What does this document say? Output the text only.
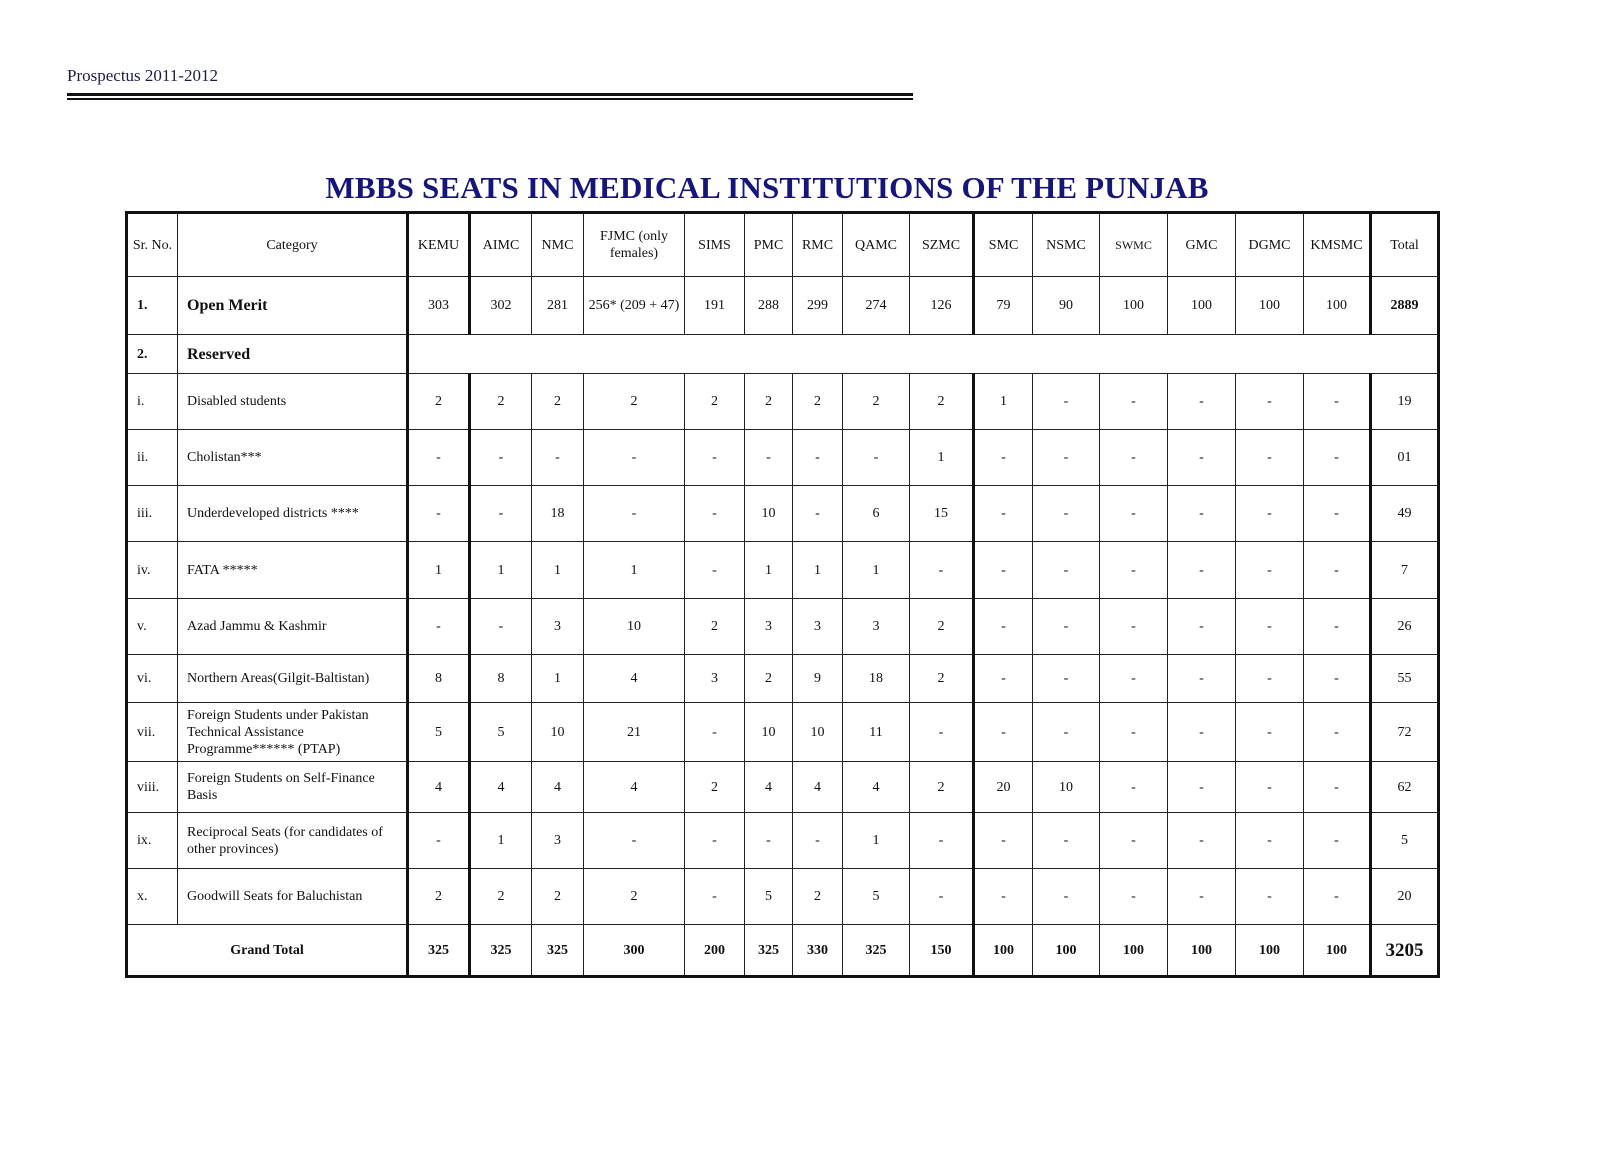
Prospectus 2011-2012
MBBS SEATS IN MEDICAL INSTITUTIONS OF THE PUNJAB
Sr. No.	Category	KEMU	AIMC	NMC	FJMC (only females)	SIMS	PMC	RMC	QAMC	SZMC	SMC	NSMC	SWMC	GMC	DGMC	KMSMC	Total
1.	Open Merit	303	302	281	256* (209 + 47)	191	288	299	274	126	79	90	100	100	100	100	2889
2.	Reserved																
i.	Disabled students	2	2	2	2	2	2	2	2	2	1	-	-	-	-	-	19
ii.	Cholistan***	-	-	-	-	-	-	-	-	1	-	-	-	-	-	-	01
iii.	Underdeveloped districts ****	-	-	18	-	-	10	-	6	15	-	-	-	-	-	-	49
iv.	FATA *****	1	1	1	1	-	1	1	1	-	-	-	-	-	-	-	7
v.	Azad Jammu & Kashmir	-	-	3	10	2	3	3	3	2	-	-	-	-	-	-	26
vi.	Northern Areas(Gilgit-Baltistan)	8	8	1	4	3	2	9	18	2	-	-	-	-	-	-	55
vii.	Foreign Students under Pakistan Technical Assistance Programme****** (PTAP)	5	5	10	21	-	10	10	11	-	-	-	-	-	-	-	72
viii.	Foreign Students on Self-Finance Basis	4	4	4	4	2	4	4	4	2	20	10	-	-	-	-	62
ix.	Reciprocal Seats (for candidates of other provinces)	-	1	3	-	-	-	-	1	-	-	-	-	-	-	-	5
x.	Goodwill Seats for Baluchistan	2	2	2	2	-	5	2	5	-	-	-	-	-	-	-	20
Grand Total		325	325	325	300	200	325	330	325	150	100	100	100	100	100	100	3205
